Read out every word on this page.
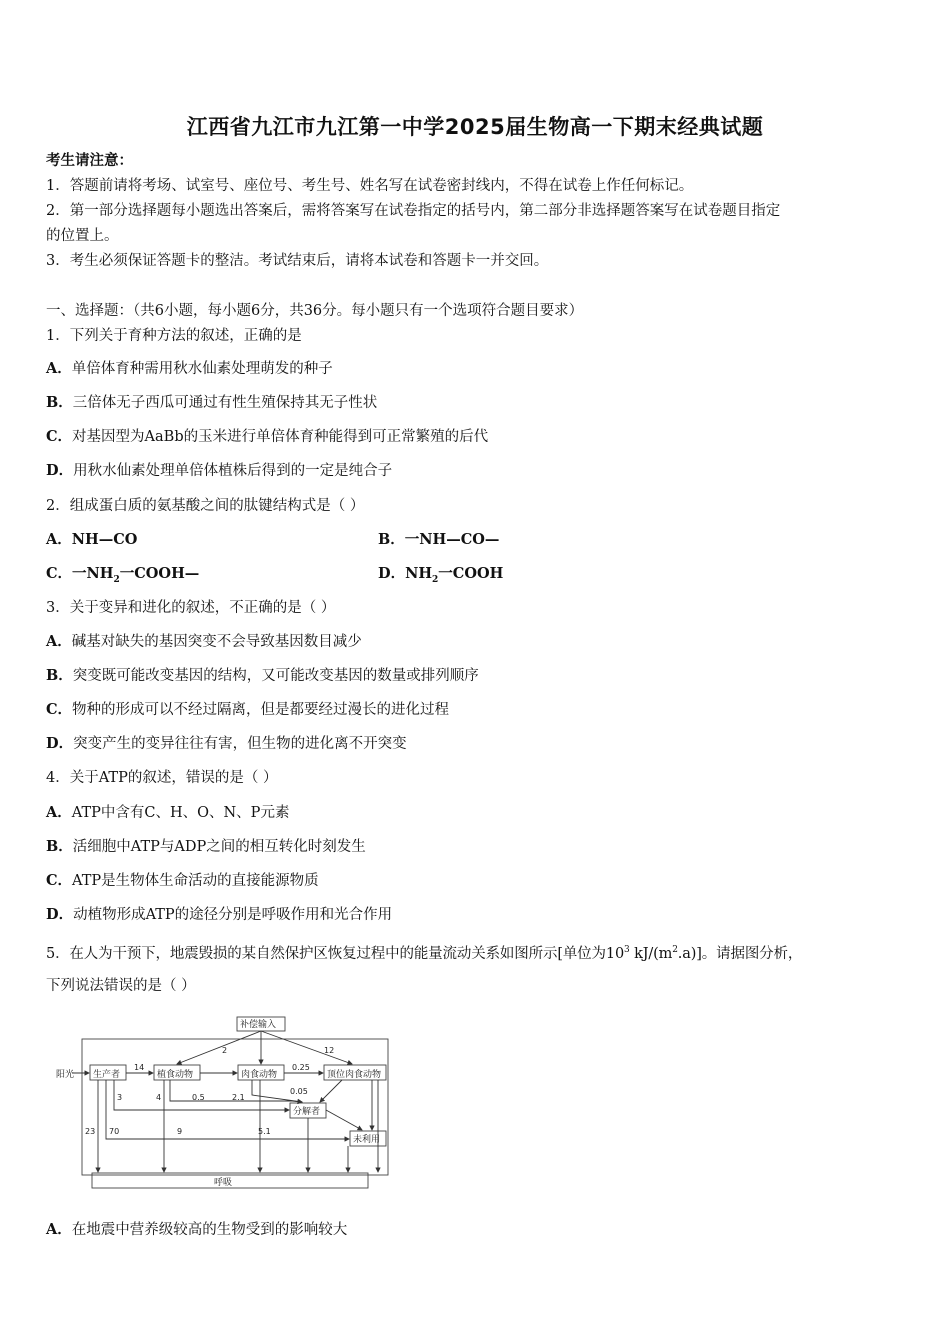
江西省九江市九江第一中学2025届生物高一下期末经典试题
考生请注意：
1．答题前请将考场、试室号、座位号、考生号、姓名写在试卷密封线内，不得在试卷上作任何标记。
2．第一部分选择题每小题选出答案后，需将答案写在试卷指定的括号内，第二部分非选择题答案写在试卷题目指定
的位置上。
3．考生必须保证答题卡的整洁。考试结束后，请将本试卷和答题卡一并交回。
一、选择题：（共6小题，每小题6分，共36分。每小题只有一个选项符合题目要求）
1．下列关于育种方法的叙述，正确的是
A．单倍体育种需用秋水仙素处理萌发的种子
B．三倍体无子西瓜可通过有性生殖保持其无子性状
C．对基因型为AaBb的玉米进行单倍体育种能得到可正常繁殖的后代
D．用秋水仙素处理单倍体植株后得到的一定是纯合子
2．组成蛋白质的氨基酸之间的肽键结构式是（ ）
A．NH—CO	B．一NH—CO—
C．一$NH_2$一COOH—	D．$NH_2$一COOH
3．关于变异和进化的叙述，不正确的是（ ）
A．碱基对缺失的基因突变不会导致基因数目减少
B．突变既可能改变基因的结构，又可能改变基因的数量或排列顺序
C．物种的形成可以不经过隔离，但是都要经过漫长的进化过程
D．突变产生的变异往往有害，但生物的进化离不开突变
4．关于ATP的叙述，错误的是（ ）
A．ATP中含有C、H、O、N、P元素
B．活细胞中ATP与ADP之间的相互转化时刻发生
C．ATP是生物体生命活动的直接能源物质
D．动植物形成ATP的途径分别是呼吸作用和光合作用
5．在人为干预下，地震毁损的某自然保护区恢复过程中的能量流动关系如图所示[单位为$10^3$ $kJ/(m^2.a)$]。请据图分析，
下列说法错误的是（ ）
补偿输入
阳光 生产者	植食动物	肉食动物	顶位肉食动物
分解者
未利用
呼吸
2	12
14	0.25
3	4	0.5	2.1
0.05
23 70	9	5.1
A．在地震中营养级较高的生物受到的影响较大
